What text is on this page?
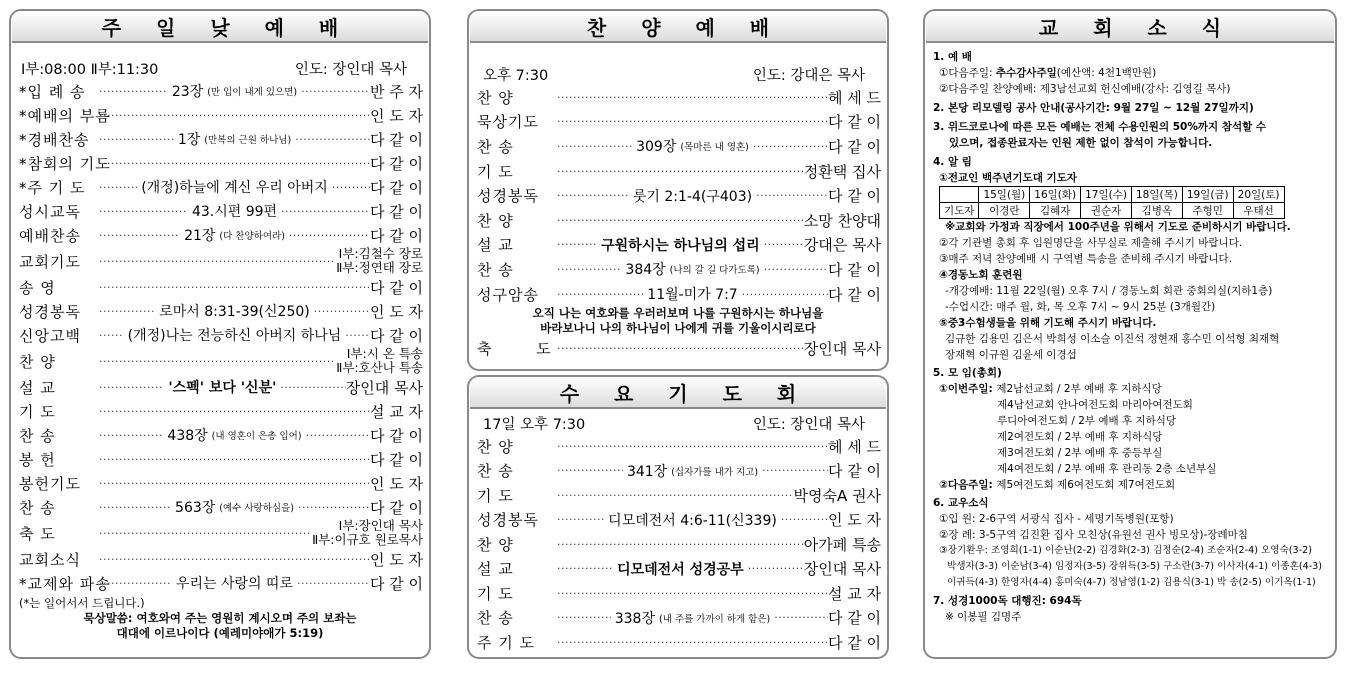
주 일 낮 예 배
Ⅰ부:08:00 Ⅱ부:11:30	인도: 장인대 목사
*입 례 송 ·····	23장 (만 입이 내게 있으면) ·····	반 주 자
*예배의 부름 ·····	인 도 자
*경배찬송 ·····	1장 (만복의 근원 하나님) ·····	다 같 이
*참회의 기도 ·····	다 같 이
*주 기 도 ·····	(개정)하늘에 계신 우리 아버지 ·····	다 같 이
성시교독 ·····	43.시편 99편 ·····	다 같 이
예배찬송 ·····	21장 (다 찬양하여라) ·····	다 같 이
교회기도 ·····	Ⅰ부:김철수 장로
Ⅱ부:정연태 장로
송 영 ·····	다 같 이
성경봉독 ·····	로마서 8:31-39(신250) ·····	인 도 자
신앙고백 ·····	(개정)나는 전능하신 아버지 하나님 ····· 다 같 이
찬 양 ·····	Ⅰ부:시 온 특송
Ⅱ부:호산나 특송
설 교 ·····	'스펙' 보다 '신분' ·····	장인대 목사
기 도 ·····	설 교 자
찬 송 ·····	438장 (내 영혼이 은총 입어) ·····	다 같 이
봉 헌 ·····	다 같 이
봉헌기도 ·····	인 도 자
찬 송 ·····	563장 (예수 사랑하심을) ·····	다 같 이
축 도 ·····	Ⅰ부:장인대 목사
Ⅱ부:이규호 원로목사
교회소식 ·····	인 도 자
*교제와 파송 ·····	우리는 사랑의 띠로 ·····	다 같 이
(*는 일어서서 드립니다.)
묵상말씀: 여호와여 주는 영원히 계시오며 주의 보좌는
대대에 이르나이다 (예레미야애가 5:19)
찬 양 예 배
오후 7:30	인도: 강대은 목사
찬 양 ·····	헤 세 드
묵상기도 ·····	다 같 이
찬 송 ·····	309장 (목마른 내 영혼) ·····	다 같 이
기 도 ·····	정환택 집사
성경봉독 ·····	룻기 2:1-4(구403) ·····	다 같 이
찬 양 ·····	소망 찬양대
설 교 ·····	구원하시는 하나님의 섭리 ·····	강대은 목사
찬 송 ·····	384장 (나의 갈 길 다가도록) ·····	다 같 이
성구암송 ·····	11월-미가 7:7 ·····	다 같 이
오직 나는 여호와를 우러러보며 나를 구원하시는 하나님을
바라보나니 나의 하나님이 나에게 귀를 기울이시리로다
축 도 ·····	장인대 목사
수 요 기 도 회
17일 오후 7:30	인도: 장인대 목사
찬 양 ·····	헤 세 드
찬 송 ·····	341장 (십자가를 내가 지고) ·····	다 같 이
기 도 ·····	박영숙A 권사
성경봉독 ·····	디모데전서 4:6-11(신339) ·····	인 도 자
찬 양 ·····	아가페 특송
설 교 ·····	디모데전서 성경공부 ·····	장인대 목사
기 도 ·····	설 교 자
찬 송 ·····	338장 (내 주를 가까이 하게 함은) ·····	다 같 이
주 기 도 ·····	다 같 이
교 회 소 식
1. 예 배
①다음주일: 추수감사주일(예산액: 4천1백만원)
②다음주일 찬양예배: 제3남선교회 헌신예배(강사: 김영길 목사)
2. 본당 리모델링 공사 안내(공사기간: 9월 27일 ~ 12월 27일까지)
3. 위드코로나에 따른 모든 예배는 전체 수용인원의 50%까지 참석할 수
있으며, 접종완료자는 인원 제한 없이 참석이 가능합니다.
4. 알 림
①전교인 백주년기도대 기도자
	15일(월)	16일(화)	17일(수)	18일(목)	19일(금)	20일(토)
기도자	이경란	김혜자	권순자	김병옥	주형민	우태선
※교회와 가정과 직장에서 100주년을 위해서 기도로 준비하시기 바랍니다.
②각 기관별 총회 후 임원명단을 사무실로 제출해 주시기 바랍니다.
③매주 저녁 찬양예배 시 구역별 특송을 준비해 주시기 바랍니다.
④경동노회 훈련원
-개강예배: 11월 22일(월) 오후 7시 / 경동노회 회관 중회의실(지하1층)
-수업시간: 매주 월, 화, 목 오후 7시 ~ 9시 25분 (3개월간)
⑤중3수험생들을 위해 기도해 주시기 바랍니다.
김규한 김용민 김은서 박희성 이소슬 이진석 정현재 홍수민 이석형 최재혁
장재혁 이규원 김윤세 이경섭
5. 모 임(총회)
①이번주일: 제2남선교회 / 2부 예배 후 지하식당
제4남선교회 안나여전도회 마리아여전도회
루디아여전도회 / 2부 예배 후 지하식당
제2여전도회 / 2부 예배 후 지하식당
제3여전도회 / 2부 예배 후 중등부실
제4여전도회 / 2부 예배 후 관리동 2층 소년부실
②다음주일: 제5여전도회 제6여전도회 제7여전도회
6. 교우소식
①입 원: 2-6구역 서광식 집사 - 세명기독병원(포항)
②장 례: 3-5구역 김진환 집사 모친상(유원선 권사 빙모상)-장례마침
③장기환우: 조영희(1-1) 이순난(2-2) 김경화(2-3) 김정순(2-4) 조순자(2-4) 오영숙(3-2)
박생자(3-3) 이순남(3-4) 임정자(3-5) 장위득(3-5) 구소란(3-7) 이사자(4-1) 이종혼(4-3)
이귀득(4-3) 한영자(4-4) 홍미숙(4-7) 정남영(1-2) 김용식(3-1) 박 송(2-5) 이기옥(1-1)
7. 성경1000독 대행진: 694독
※ 이봉필 김명주
